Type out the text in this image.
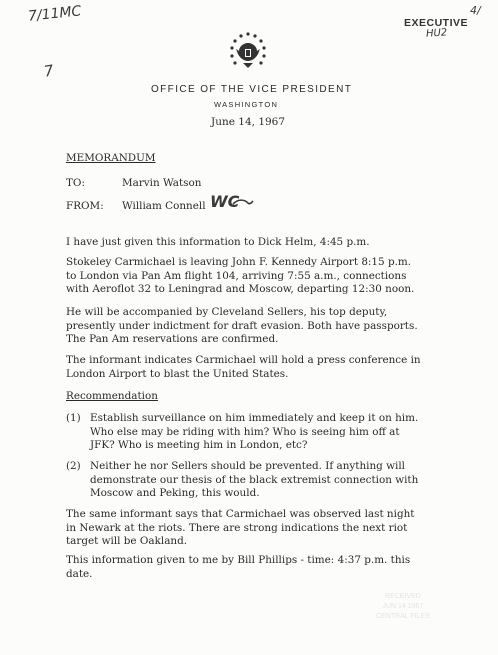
7/11MC
7
4/
EXECUTIVE
HU2
OFFICE OF THE VICE PRESIDENT
WASHINGTON
June 14, 1967
MEMORANDUM
TO:	Marvin Watson
FROM: William Connell WC
I have just given this information to Dick Helm, 4:45 p.m.
Stokeley Carmichael is leaving John F. Kennedy Airport 8:15 p.m.
to London via Pan Am flight 104, arriving 7:55 a.m., connections
with Aeroflot 32 to Leningrad and Moscow, departing 12:30 noon.
He will be accompanied by Cleveland Sellers, his top deputy,
presently under indictment for draft evasion. Both have passports.
The Pan Am reservations are confirmed.
The informant indicates Carmichael will hold a press conference in
London Airport to blast the United States.
Recommendation
(1) Establish surveillance on him immediately and keep it on him.
Who else may be riding with him? Who is seeing him off at
JFK? Who is meeting him in London, etc?
(2) Neither he nor Sellers should be prevented. If anything will
demonstrate our thesis of the black extremist connection with
Moscow and Peking, this would.
The same informant says that Carmichael was observed last night
in Newark at the riots. There are strong indications the next riot
target will be Oakland.
This information given to me by Bill Phillips - time: 4:37 p.m. this
date.
RECEIVED
JUN 14 1967
CENTRAL FILES
